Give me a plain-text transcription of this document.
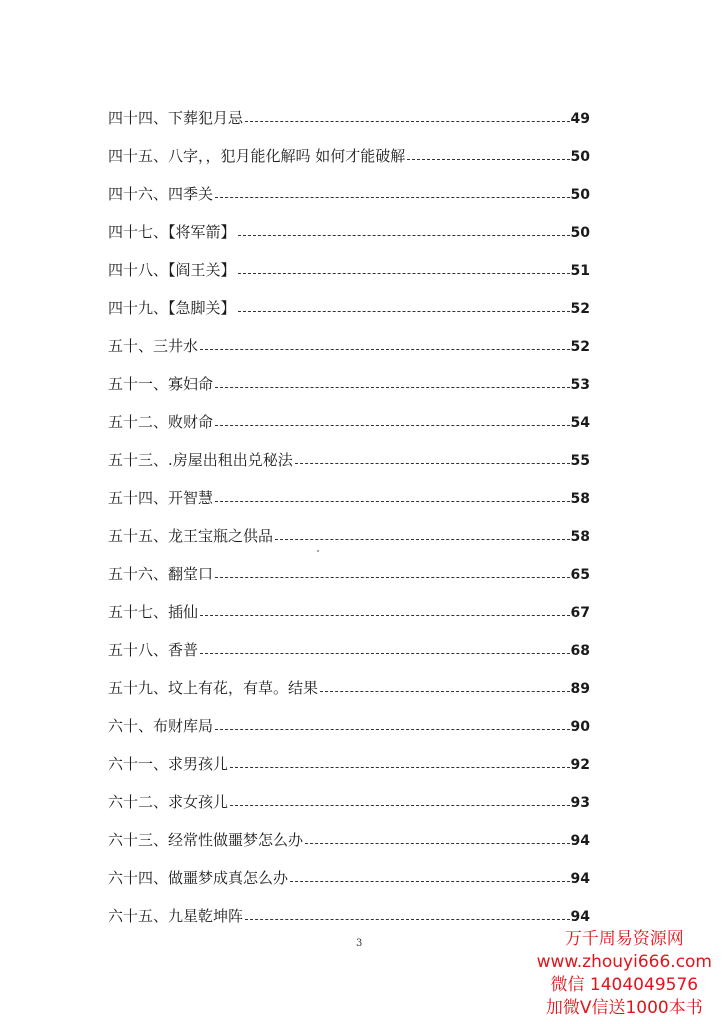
四十四、下葬犯月忌	49
四十五、八字，，犯月能化解吗 如何才能破解	50
四十六、四季关	50
四十七、【将军箭】	50
四十八、【阎王关】	51
四十九、【急脚关】	52
五十、三井水	52
五十一、寡妇命	53
五十二、败财命	54
五十三、.房屋出租出兑秘法	55
五十四、开智慧	58
五十五、龙王宝瓶之供品	58
五十六、翻堂口	65
五十七、插仙	67
五十八、香普	68
五十九、坟上有花，有草。结果	89
六十、布财库局	90
六十一、求男孩儿	92
六十二、求女孩儿	93
六十三、经常性做噩梦怎么办	94
六十四、做噩梦成真怎么办	94
六十五、九星乾坤阵	94
3	万千周易资源网
www.zhouyi666.com
微信 1404049576
加微V信送1000本书
